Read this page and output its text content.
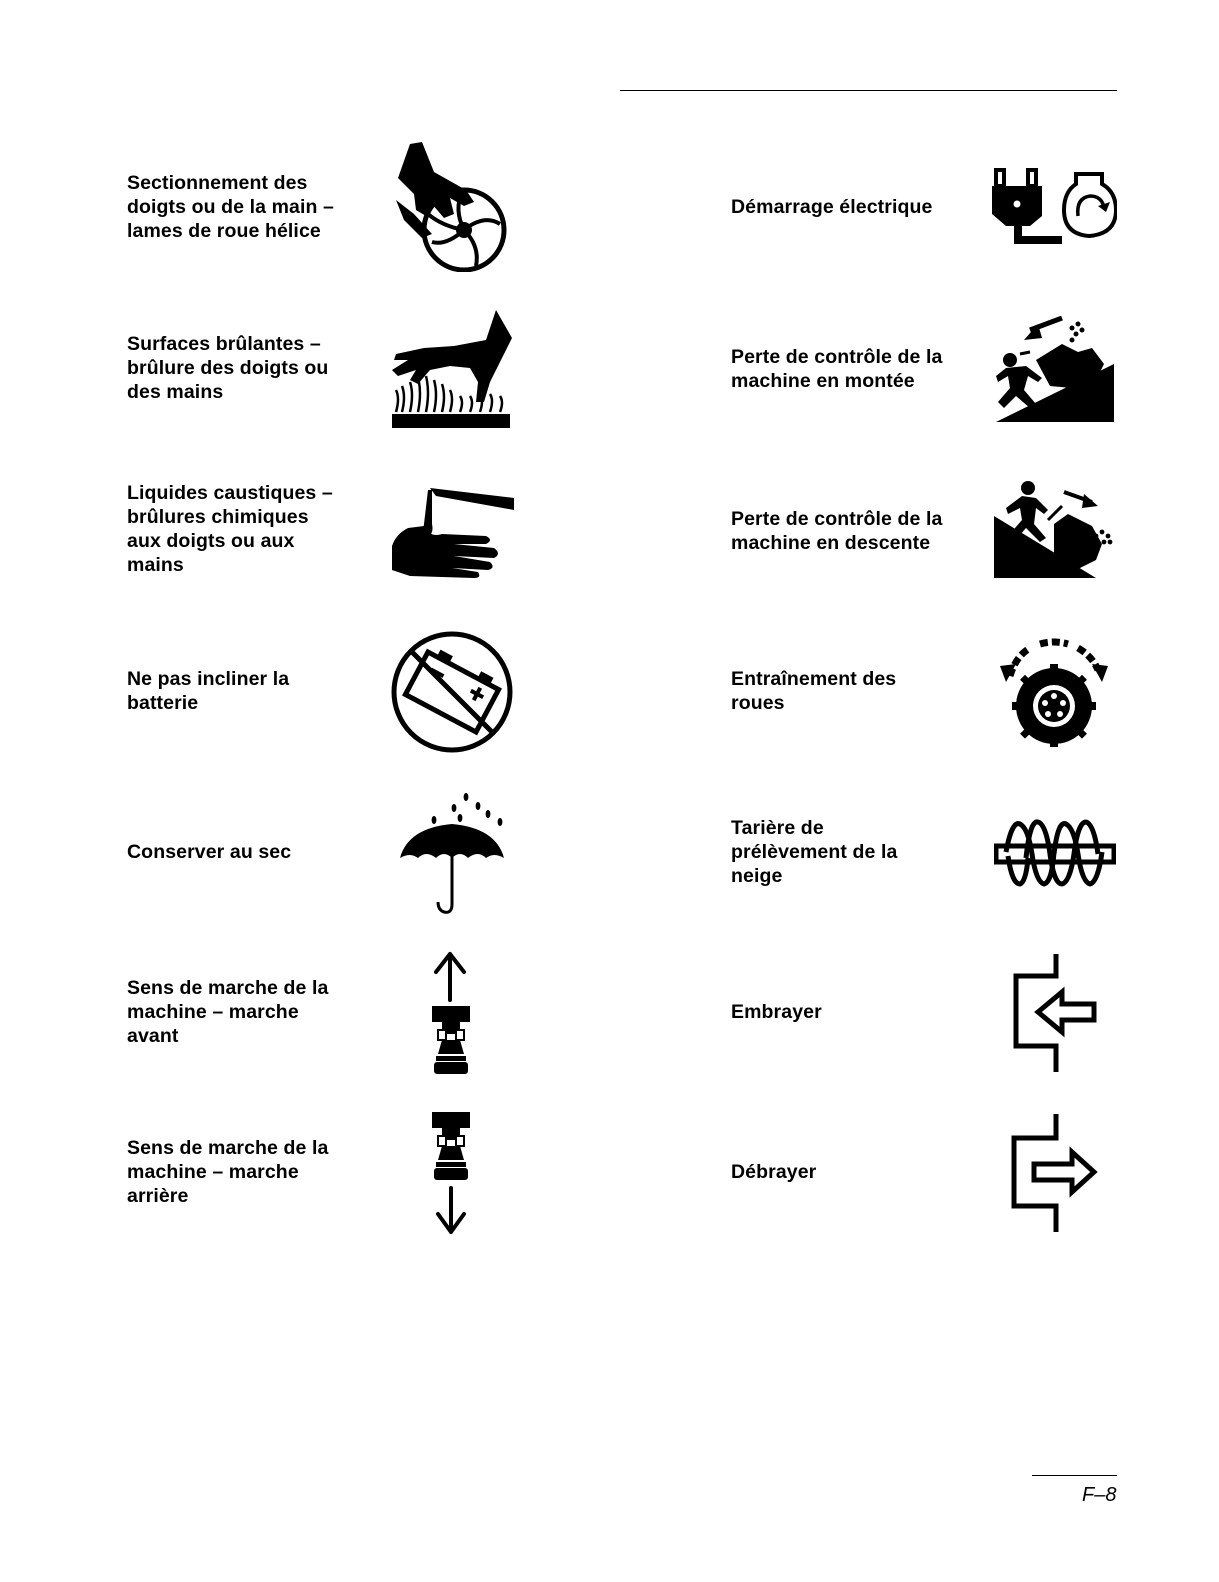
Sectionnement des
doigts ou de la main –
lames de roue hélice
Surfaces brûlantes –
brûlure des doigts ou
des mains
Liquides caustiques –
brûlures chimiques
aux doigts ou aux
mains
Ne pas incliner la
batterie
Conserver au sec
Sens de marche de la
machine – marche
avant
Sens de marche de la
machine – marche
arrière
Démarrage électrique
Perte de contrôle de la
machine en montée
Perte de contrôle de la
machine en descente
Entraînement des
roues
Tarière de
prélèvement de la
neige
Embrayer
Débrayer
F–8
